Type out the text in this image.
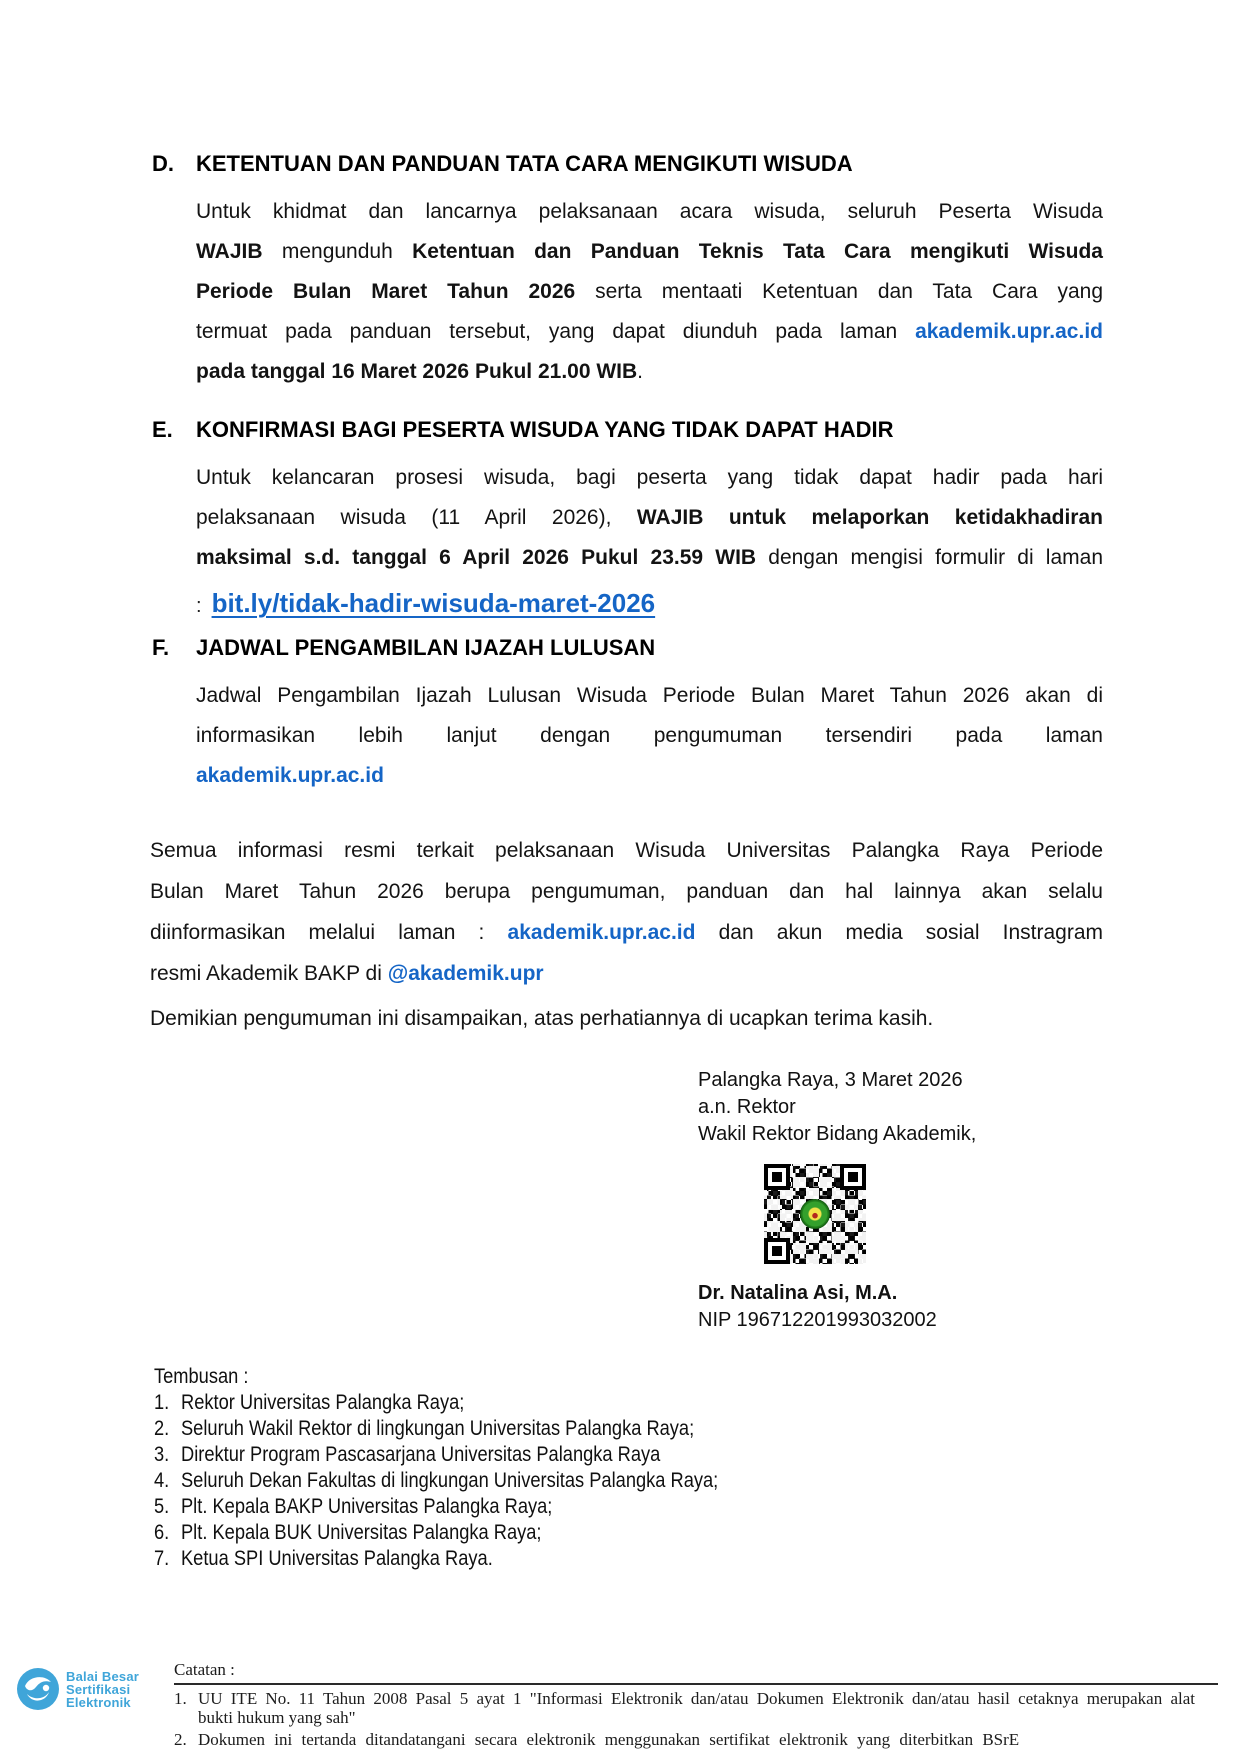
D.	KETENTUAN DAN PANDUAN TATA CARA MENGIKUTI WISUDA
Untuk khidmat dan lancarnya pelaksanaan acara wisuda, seluruh Peserta Wisuda
WAJIB mengunduh Ketentuan dan Panduan Teknis Tata Cara mengikuti Wisuda
Periode Bulan Maret Tahun 2026 serta mentaati Ketentuan dan Tata Cara yang
termuat pada panduan tersebut, yang dapat diunduh pada laman akademik.upr.ac.id
pada tanggal 16 Maret 2026 Pukul 21.00 WIB.
E.	KONFIRMASI BAGI PESERTA WISUDA YANG TIDAK DAPAT HADIR
Untuk kelancaran prosesi wisuda, bagi peserta yang tidak dapat hadir pada hari
pelaksanaan wisuda (11 April 2026), WAJIB untuk melaporkan ketidakhadiran
maksimal s.d. tanggal 6 April 2026 Pukul 23.59 WIB dengan mengisi formulir di laman
: bit.ly/tidak-hadir-wisuda-maret-2026
F.	JADWAL PENGAMBILAN IJAZAH LULUSAN
Jadwal Pengambilan Ijazah Lulusan Wisuda Periode Bulan Maret Tahun 2026 akan di
informasikan lebih lanjut dengan pengumuman tersendiri pada laman
akademik.upr.ac.id
Semua informasi resmi terkait pelaksanaan Wisuda Universitas Palangka Raya Periode
Bulan Maret Tahun 2026 berupa pengumuman, panduan dan hal lainnya akan selalu
diinformasikan melalui laman : akademik.upr.ac.id dan akun media sosial Instragram
resmi Akademik BAKP di @akademik.upr
Demikian pengumuman ini disampaikan, atas perhatiannya di ucapkan terima kasih.
Palangka Raya, 3 Maret 2026
a.n. Rektor
Wakil Rektor Bidang Akademik,
Dr. Natalina Asi, M.A.
NIP 196712201993032002
Tembusan :
1. Rektor Universitas Palangka Raya;
2. Seluruh Wakil Rektor di lingkungan Universitas Palangka Raya;
3. Direktur Program Pascasarjana Universitas Palangka Raya
4. Seluruh Dekan Fakultas di lingkungan Universitas Palangka Raya;
5. Plt. Kepala BAKP Universitas Palangka Raya;
6. Plt. Kepala BUK Universitas Palangka Raya;
7. Ketua SPI Universitas Palangka Raya.
Balai Besar
Sertifikasi
Elektronik
Catatan :
1. UU ITE No. 11 Tahun 2008 Pasal 5 ayat 1 "Informasi Elektronik dan/atau Dokumen Elektronik dan/atau hasil cetaknya merupakan alat
bukti hukum yang sah"
2. Dokumen ini tertanda ditandatangani secara elektronik menggunakan sertifikat elektronik yang diterbitkan BSrE
